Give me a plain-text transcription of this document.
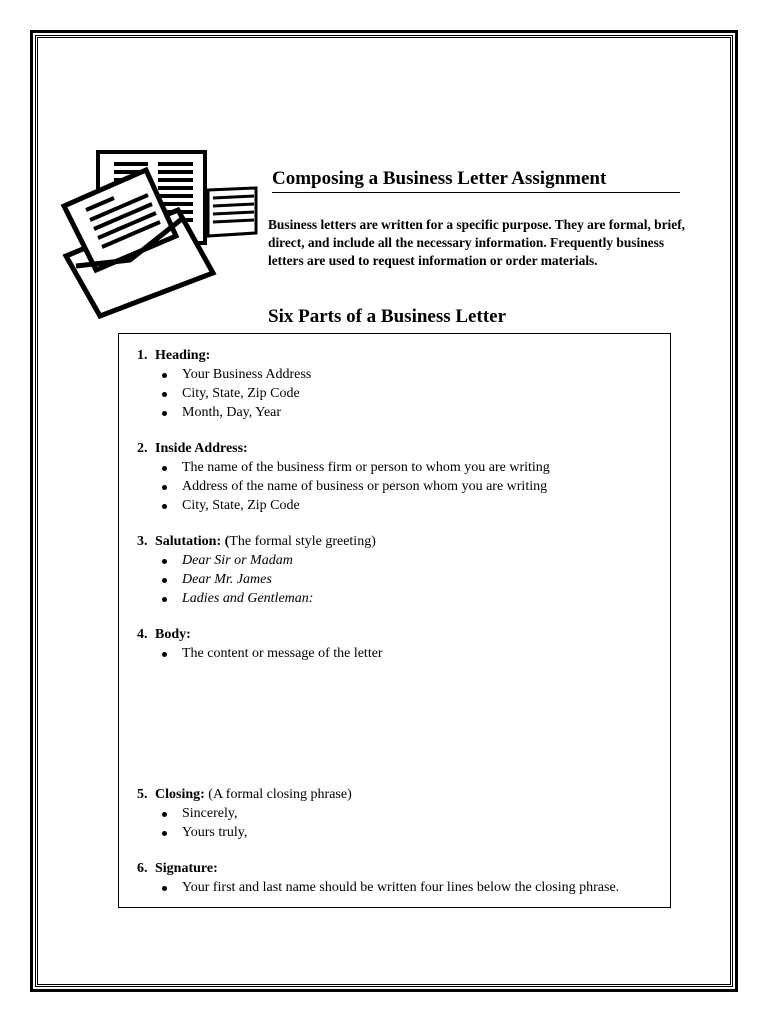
Composing a Business Letter Assignment
Business letters are written for a specific purpose. They are formal, brief, direct, and include all the necessary information. Frequently business letters are used to request information or order materials.
Six Parts of a Business Letter
1. Heading:
Your Business Address
City, State, Zip Code
Month, Day, Year
2. Inside Address:
The name of the business firm or person to whom you are writing
Address of the name of business or person whom you are writing
City, State, Zip Code
3. Salutation: (The formal style greeting)
Dear Sir or Madam
Dear Mr. James
Ladies and Gentleman:
4. Body:
The content or message of the letter
5. Closing: (A formal closing phrase)
Sincerely,
Yours truly,
6. Signature:
Your first and last name should be written four lines below the closing phrase.
